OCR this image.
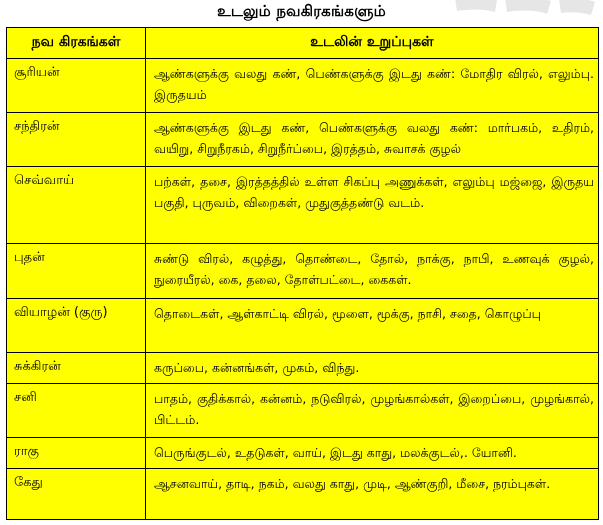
உடலும் நவகிரகங்களும்
நவ கிரகங்கள்	உடலின் உறுப்புகள்
சூரியன்	ஆண்களுக்கு வலது கண், பெண்களுக்கு இடது கண்: மோதிர விரல், எலும்பு. இருதயம்
சந்திரன்	ஆண்களுக்கு இடது கண், பெண்களுக்கு வலது கண்: மார்பகம், உதிரம், வயிறு, சிறுநீரகம், சிறுநீர்ப்பை, இரத்தம், சுவாசக் குழல்
செவ்வாய்	பற்கள், தசை, இரத்தத்தில் உள்ள சிகப்பு அணுக்கள், எலும்பு மஜ்ஜை, இருதய பகுதி, புருவம், விறைகள், முதுகுத்தண்டு வடம்.
புதன்	சுண்டு விரல், கழுத்து, தொண்டை, தோல், நாக்கு, நாபி, உணவுக் குழல், நுரையீரல், கை, தலை, தோள்பட்டை, கைகள்.
வியாழன் (குரு)	தொடைகள், ஆள்காட்டி விரல், மூளை, மூக்கு, நாசி, சதை, கொழுப்பு
சுக்கிரன்	கருப்பை, கன்னங்கள், முகம், விந்து.
சனி	பாதம், குதிக்கால், கன்னம், நடுவிரல், முழங்கால்கள், இறைப்பை, முழங்கால், பிட்டம்.
ராகு	பெருங்குடல், உதடுகள், வாய், இடது காது, மலக்குடல்,. யோனி.
கேது	ஆசனவாய், தாடி, நகம், வலது காது, முடி, ஆண்குறி, மீசை, நரம்புகள்.
